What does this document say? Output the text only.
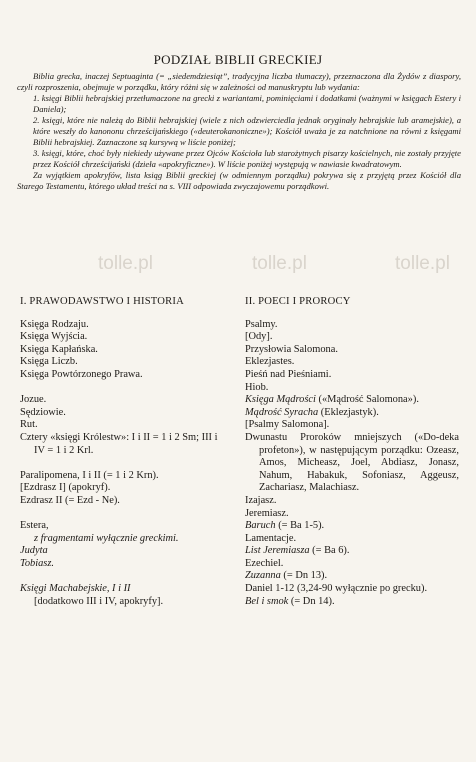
PODZIAŁ BIBLII GRECKIEJ

Biblia grecka, inaczej Septuaginta (= „siedemdziesiąt”, tradycyjna liczba tłumaczy), przeznaczona dla Żydów z diaspory, czyli rozproszenia, obejmuje w porządku, który różni się w zależności od manuskryptu lub wydania:

1. księgi Biblii hebrajskiej przetłumaczone na grecki z wariantami, pominięciami i dodatkami (ważnymi w księgach Estery i Daniela);

2. księgi, które nie należą do Biblii hebrajskiej (wiele z nich odzwierciedla jednak oryginały hebrajskie lub aramejskie), a które weszły do kanononu chrześcijańskiego («deuterokanoniczne»); Kościół uważa je za natchnione na równi z księgami Biblii hebrajskiej. Zaznaczone są kursywą w liście poniżej;

3. księgi, które, choć były niekiedy używane przez Ojców Kościoła lub starożytnych pisarzy kościelnych, nie zostały przyjęte przez Kościół chrześcijański (dzieła «apokryficzne»). W liście poniżej występują w nawiasie kwadratowym.

Za wyjątkiem apokryfów, lista ksiąg Biblii greckiej (w odmiennym porządku) pokrywa się z przyjętą przez Kościół dla Starego Testamentu, którego układ treści na s. VIII odpowiada zwyczajowemu porządkowi.

tolle.pl	tolle.pl	tolle.pl
I. PRAWODAWSTWO I HISTORIA
Księga Rodzaju.
Księga Wyjścia.
Księga Kapłańska.
Księga Liczb.
Księga Powtórzonego Prawa.
Jozue.
Sędziowie.
Rut.
Cztery «księgi Królestw»: I i II = 1 i 2 Sm; III i IV = 1 i 2 Krl.
Paralipomena, I i II (= 1 i 2 Krn).
[Ezdrasz I] (apokryf).
Ezdrasz II (= Ezd - Ne).
Estera,
z fragmentami wyłącznie greckimi.
Judyta
Tobiasz.
Księgi Machabejskie, I i II
[dodatkowo III i IV, apokryfy].
II. POECI I PROROCY
Psalmy.
[Ody].
Przysłowia Salomona.
Eklezjastes.
Pieśń nad Pieśniami.
Hiob.
Księga Mądrości («Mądrość Salomona»).
Mądrość Syracha (Eklezjastyk).
[Psalmy Salomona].
Dwunastu Proroków mniejszych («Do-deka profeton»), w następującym porządku: Ozeasz, Amos, Micheasz, Joel, Abdiasz, Jonasz, Nahum, Habakuk, Sofoniasz, Aggeusz, Zachariasz, Malachiasz.
Izajasz.
Jeremiasz.
Baruch (= Ba 1-5).
Lamentacje.
List Jeremiasza (= Ba 6).
Ezechiel.
Zuzanna (= Dn 13).
Daniel 1-12 (3,24-90 wyłącznie po grecku).
Bel i smok (= Dn 14).
